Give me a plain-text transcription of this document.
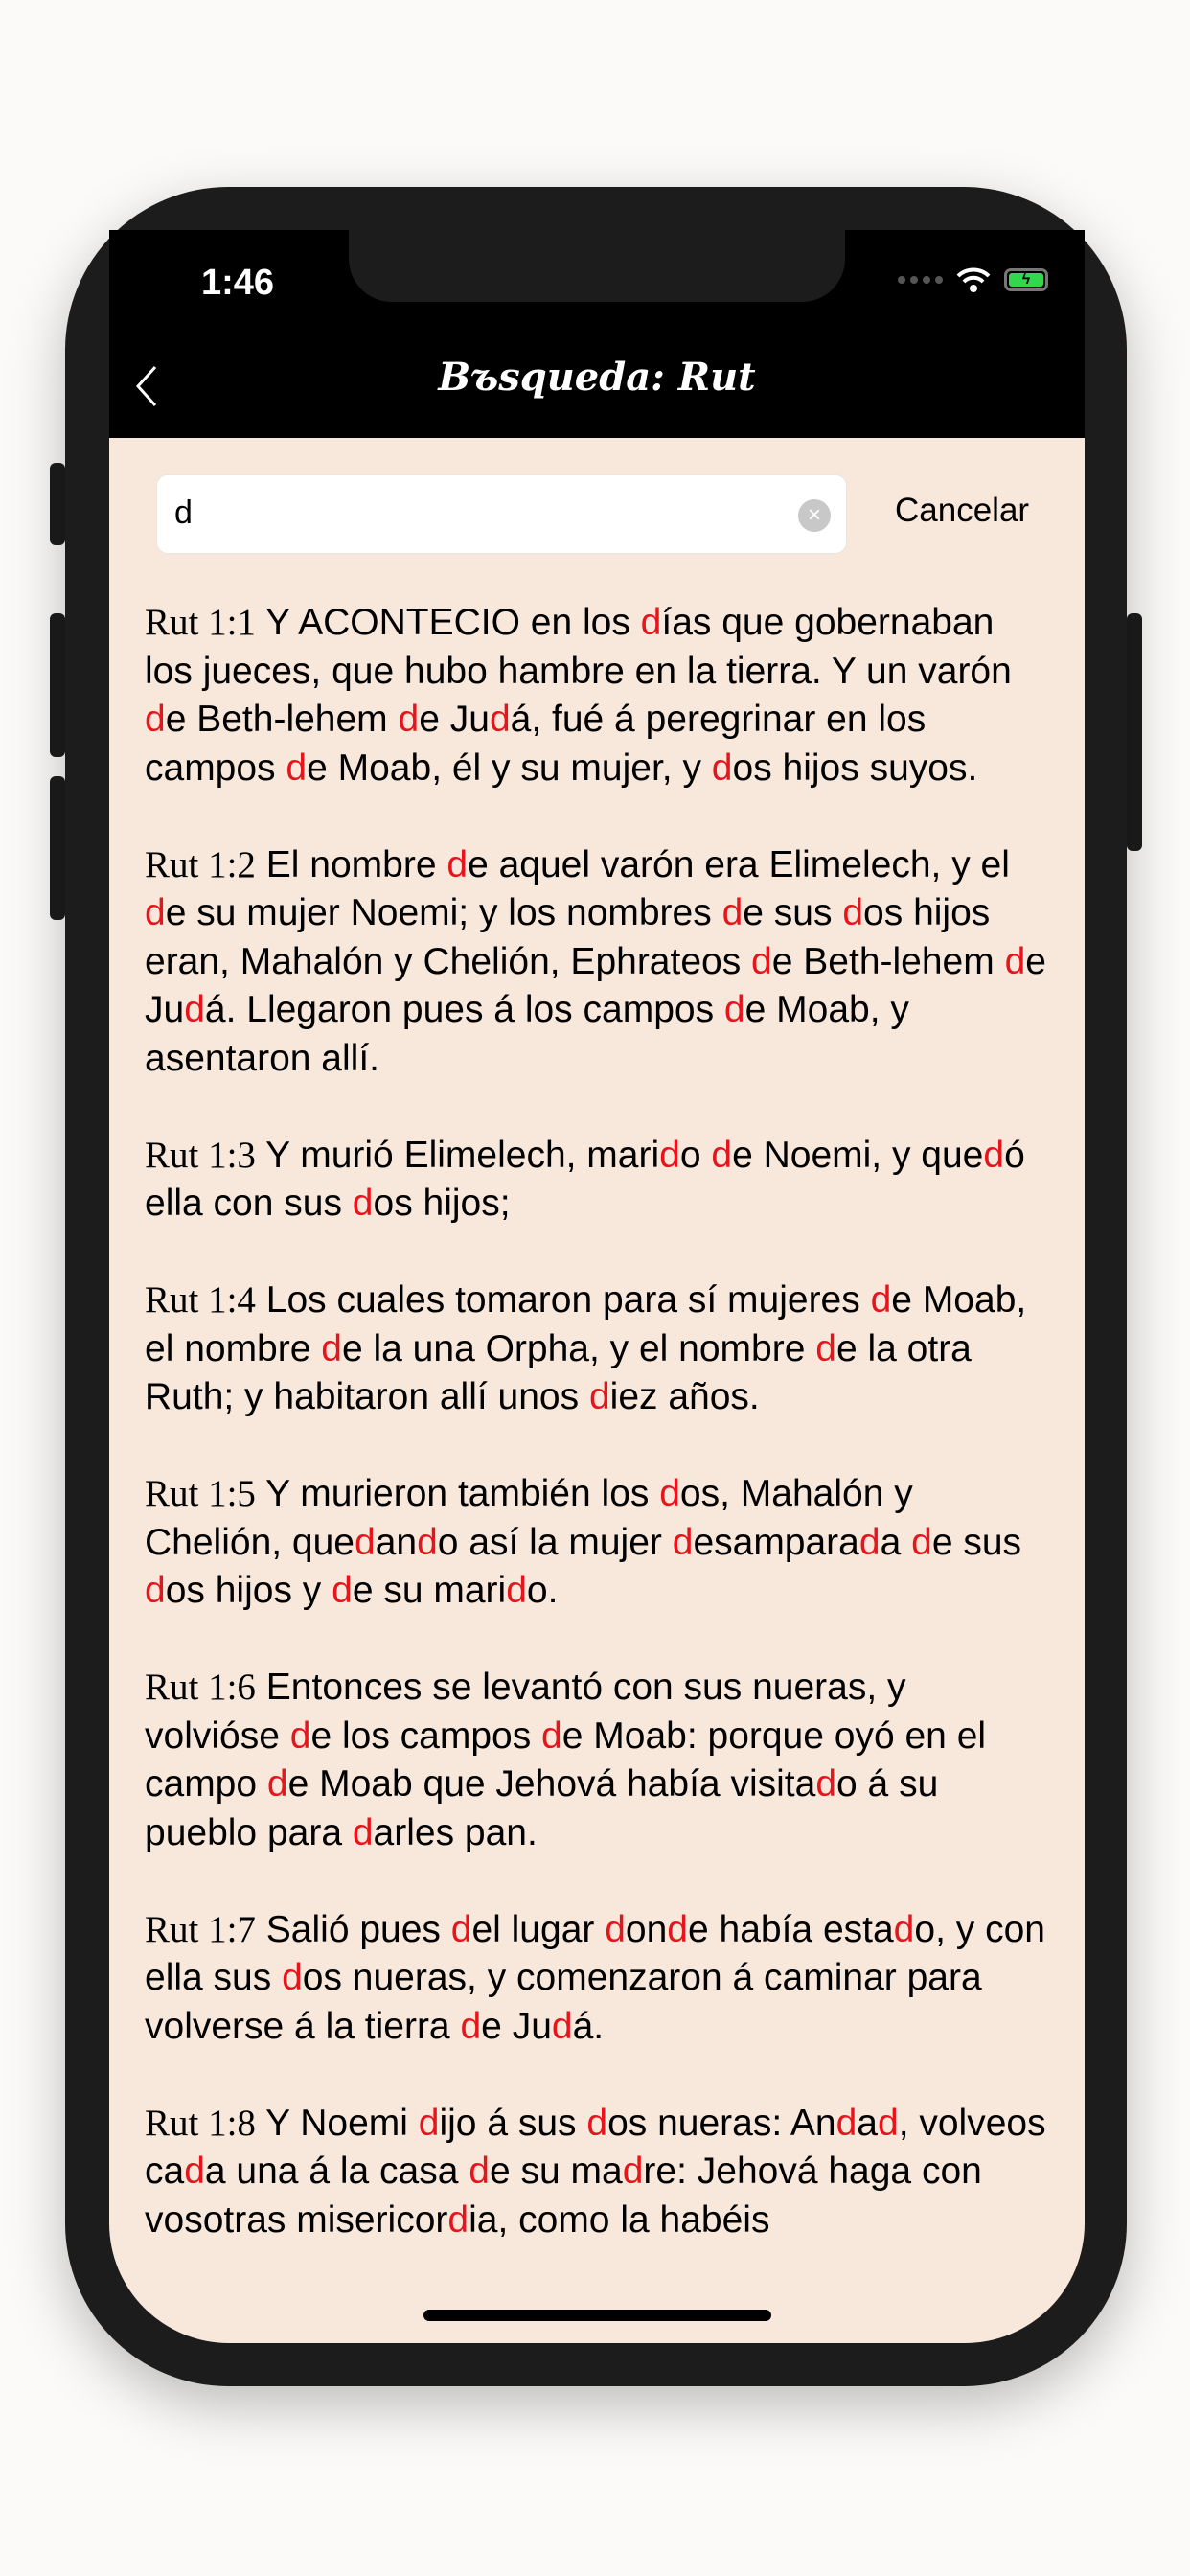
1:46	ϟ
Bъsqueda: Rut
d	× Cancelar
Rut 1:1 Y ACONTECIO en los días que gobernaban los jueces, que hubo hambre en la tierra. Y un varón de Beth-lehem de Judá, fué á peregrinar en los campos de Moab, él y su mujer, y dos hijos suyos.
Rut 1:2 El nombre de aquel varón era Elimelech, y el de su mujer Noemi; y los nombres de sus dos hijos eran, Mahalón y Chelión, Ephrateos de Beth-lehem de Judá. Llegaron pues á los campos de Moab, y asentaron allí.
Rut 1:3 Y murió Elimelech, marido de Noemi, y quedó ella con sus dos hijos;
Rut 1:4 Los cuales tomaron para sí mujeres de Moab, el nombre de la una Orpha, y el nombre de la otra Ruth; y habitaron allí unos diez años.
Rut 1:5 Y murieron también los dos, Mahalón y Chelión, quedando así la mujer desamparada de sus dos hijos y de su marido.
Rut 1:6 Entonces se levantó con sus nueras, y volvióse de los campos de Moab: porque oyó en el campo de Moab que Jehová había visitado á su pueblo para darles pan.
Rut 1:7 Salió pues del lugar donde había estado, y con ella sus dos nueras, y comenzaron á caminar para volverse á la tierra de Judá.
Rut 1:8 Y Noemi dijo á sus dos nueras: Andad, volveos cada una á la casa de su madre: Jehová haga con vosotras misericordia, como la habéis
